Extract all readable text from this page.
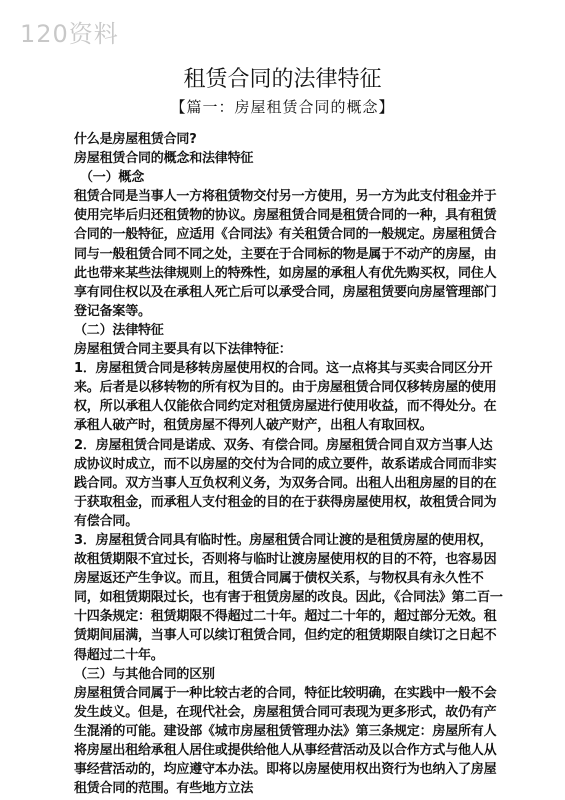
120资料
租赁合同的法律特征
【篇一：房屋租赁合同的概念】

什么是房屋租赁合同?

房屋租赁合同的概念和法律特征

（一）概念

租赁合同是当事人一方将租赁物交付另一方使用，另一方为此支付租金并于使用完毕后归还租赁物的协议。房屋租赁合同是租赁合同的一种，具有租赁合同的一般特征，应适用《合同法》有关租赁合同的一般规定。房屋租赁合同与一般租赁合同不同之处，主要在于合同标的物是属于不动产的房屋，由此也带来某些法律规则上的特殊性，如房屋的承租人有优先购买权，同住人享有同住权以及在承租人死亡后可以承受合同，房屋租赁要向房屋管理部门登记备案等。

（二）法律特征

房屋租赁合同主要具有以下法律特征：

1．房屋租赁合同是移转房屋使用权的合同。这一点将其与买卖合同区分开来。后者是以移转物的所有权为目的。由于房屋租赁合同仅移转房屋的使用权，所以承租人仅能依合同约定对租赁房屋进行使用收益，而不得处分。在承租人破产时，租赁房屋不得列人破产财产，出租人有取回权。

2．房屋租赁合同是诺成、双务、有偿合同。房屋租赁合同自双方当事人达成协议时成立，而不以房屋的交付为合同的成立要件，故系诺成合同而非实践合同。双方当事人互负权利义务，为双务合同。出租人出租房屋的目的在于获取租金，而承租人支付租金的目的在于获得房屋使用权，故租赁合同为有偿合同。

3．房屋租赁合同具有临时性。房屋租赁合同让渡的是租赁房屋的使用权，故租赁期限不宜过长，否则将与临时让渡房屋使用权的目的不符，也容易因房屋返还产生争议。而且，租赁合同属于债权关系，与物权具有永久性不同，如租赁期限过长，也有害于租赁房屋的改良。因此，《合同法》第二百一十四条规定：租赁期限不得超过二十年。超过二十年的，超过部分无效。租赁期间届满，当事人可以续订租赁合同，但约定的租赁期限自续订之日起不得超过二十年。

（三）与其他合同的区别

房屋租赁合同属于一种比较古老的合同，特征比较明确，在实践中一般不会发生歧义。但是，在现代社会，房屋租赁合同可表现为更多形式，故仍有产生混淆的可能。建设部《城市房屋租赁管理办法》第三条规定：房屋所有人将房屋出租给承租人居住或提供给他人从事经营活动及以合作方式与他人从事经营活动的，均应遵守本办法。即将以房屋使用权出资行为也纳入了房屋租赁合同的范围。有些地方立法
